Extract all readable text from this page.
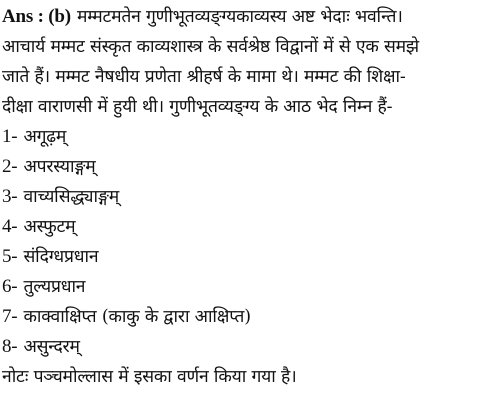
Ans : (b) मम्मटमतेन गुणीभूतव्यङ्ग्यकाव्यस्य अष्ट भेदाः भवन्ति।
आचार्य मम्मट संस्कृत काव्यशास्त्र के सर्वश्रेष्ठ विद्वानों में से एक समझे
जाते हैं। मम्मट नैषधीय प्रणेता श्रीहर्ष के मामा थे। मम्मट की शिक्षा-
दीक्षा वाराणसी में हुयी थी। गुणीभूतव्यङ्ग्य के आठ भेद निम्न हैं-
1- अगूढ़म्
2- अपरस्याङ्गम्
3- वाच्यसिद्ध्याङ्गम्
4- अस्फुटम्
5- संदिग्धप्रधान
6- तुल्यप्रधान
7- काक्वाक्षिप्त (काकु के द्वारा आक्षिप्त)
8- असुन्दरम्
नोटः पञ्चमोल्लास में इसका वर्णन किया गया है।
